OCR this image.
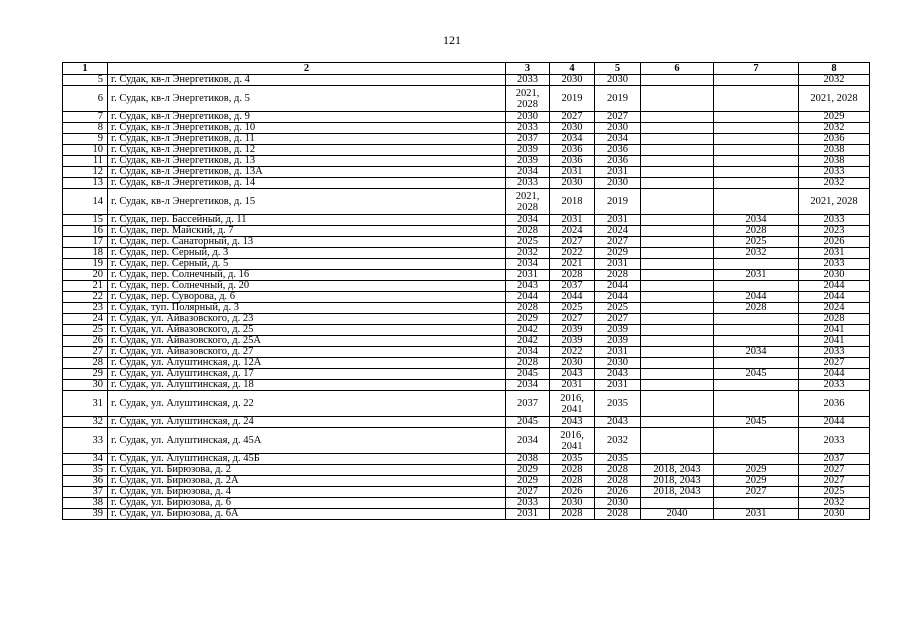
121
1	2	3	4	5	6	7	8
5	г. Судак, кв-л Энергетиков, д. 4	2033	2030	2030			2032
6	г. Судак, кв-л Энергетиков, д. 5	2021, 2028	2019	2019			2021, 2028
7	г. Судак, кв-л Энергетиков, д. 9	2030	2027	2027			2029
8	г. Судак, кв-л Энергетиков, д. 10	2033	2030	2030			2032
9	г. Судак, кв-л Энергетиков, д. 11	2037	2034	2034			2036
10	г. Судак, кв-л Энергетиков, д. 12	2039	2036	2036			2038
11	г. Судак, кв-л Энергетиков, д. 13	2039	2036	2036			2038
12	г. Судак, кв-л Энергетиков, д. 13А	2034	2031	2031			2033
13	г. Судак, кв-л Энергетиков, д. 14	2033	2030	2030			2032
14	г. Судак, кв-л Энергетиков, д. 15	2021, 2028	2018	2019			2021, 2028
15	г. Судак, пер. Бассейный, д. 11	2034	2031	2031		2034	2033
16	г. Судак, пер. Майский, д. 7	2028	2024	2024		2028	2023
17	г. Судак, пер. Санаторный, д. 13	2025	2027	2027		2025	2026
18	г. Судак, пер. Серный, д. 3	2032	2022	2029		2032	2031
19	г. Судак, пер. Серный, д. 5	2034	2021	2031			2033
20	г. Судак, пер. Солнечный, д. 16	2031	2028	2028		2031	2030
21	г. Судак, пер. Солнечный, д. 20	2043	2037	2044			2044
22	г. Судак, пер. Суворова, д. 6	2044	2044	2044		2044	2044
23	г. Судак, туп. Полярный, д. 3	2028	2025	2025		2028	2024
24	г. Судак, ул. Айвазовского, д. 23	2029	2027	2027			2028
25	г. Судак, ул. Айвазовского, д. 25	2042	2039	2039			2041
26	г. Судак, ул. Айвазовского, д. 25А	2042	2039	2039			2041
27	г. Судак, ул. Айвазовского, д. 27	2034	2022	2031		2034	2033
28	г. Судак, ул. Алуштинская, д. 12А	2028	2030	2030			2027
29	г. Судак, ул. Алуштинская, д. 17	2045	2043	2043		2045	2044
30	г. Судак, ул. Алуштинская, д. 18	2034	2031	2031			2033
31	г. Судак, ул. Алуштинская, д. 22	2037	2016, 2041	2035			2036
32	г. Судак, ул. Алуштинская, д. 24	2045	2043	2043		2045	2044
33	г. Судак, ул. Алуштинская, д. 45А	2034	2016, 2041	2032			2033
34	г. Судак, ул. Алуштинская, д. 45Б	2038	2035	2035			2037
35	г. Судак, ул. Бирюзова, д. 2	2029	2028	2028	2018, 2043	2029	2027
36	г. Судак, ул. Бирюзова, д. 2А	2029	2028	2028	2018, 2043	2029	2027
37	г. Судак, ул. Бирюзова, д. 4	2027	2026	2026	2018, 2043	2027	2025
38	г. Судак, ул. Бирюзова, д. 6	2033	2030	2030			2032
39	г. Судак, ул. Бирюзова, д. 6А	2031	2028	2028	2040	2031	2030
